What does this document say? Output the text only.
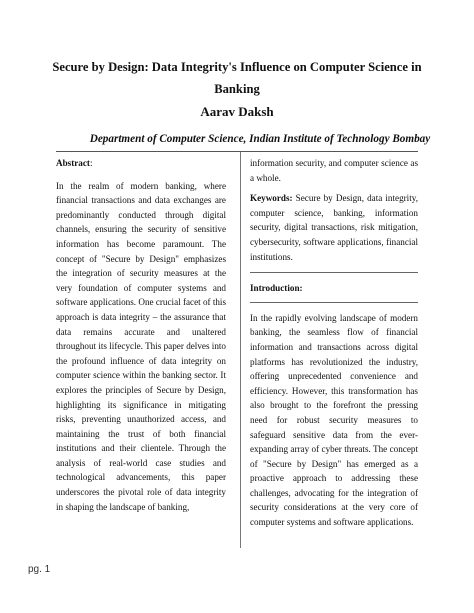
Secure by Design: Data Integrity's Influence on Computer Science in Banking
Aarav Daksh
Department of Computer Science, Indian Institute of Technology Bombay

Abstract:

In the realm of modern banking, where financial transactions and data exchanges are predominantly conducted through digital channels, ensuring the security of sensitive information has become paramount. The concept of "Secure by Design" emphasizes the integration of security measures at the very foundation of computer systems and software applications. One crucial facet of this approach is data integrity – the assurance that data remains accurate and unaltered throughout its lifecycle. This paper delves into the profound influence of data integrity on computer science within the banking sector. It explores the principles of Secure by Design, highlighting its significance in mitigating risks, preventing unauthorized access, and maintaining the trust of both financial institutions and their clientele. Through the analysis of real-world case studies and technological advancements, this paper underscores the pivotal role of data integrity in shaping the landscape of banking,

information security, and computer science as a whole.

Keywords: Secure by Design, data integrity, computer science, banking, information security, digital transactions, risk mitigation, cybersecurity, software applications, financial institutions.

Introduction:

In the rapidly evolving landscape of modern banking, the seamless flow of financial information and transactions across digital platforms has revolutionized the industry, offering unprecedented convenience and efficiency. However, this transformation has also brought to the forefront the pressing need for robust security measures to safeguard sensitive data from the ever-expanding array of cyber threats. The concept of "Secure by Design" has emerged as a proactive approach to addressing these challenges, advocating for the integration of security considerations at the very core of computer systems and software applications.

pg. 1
